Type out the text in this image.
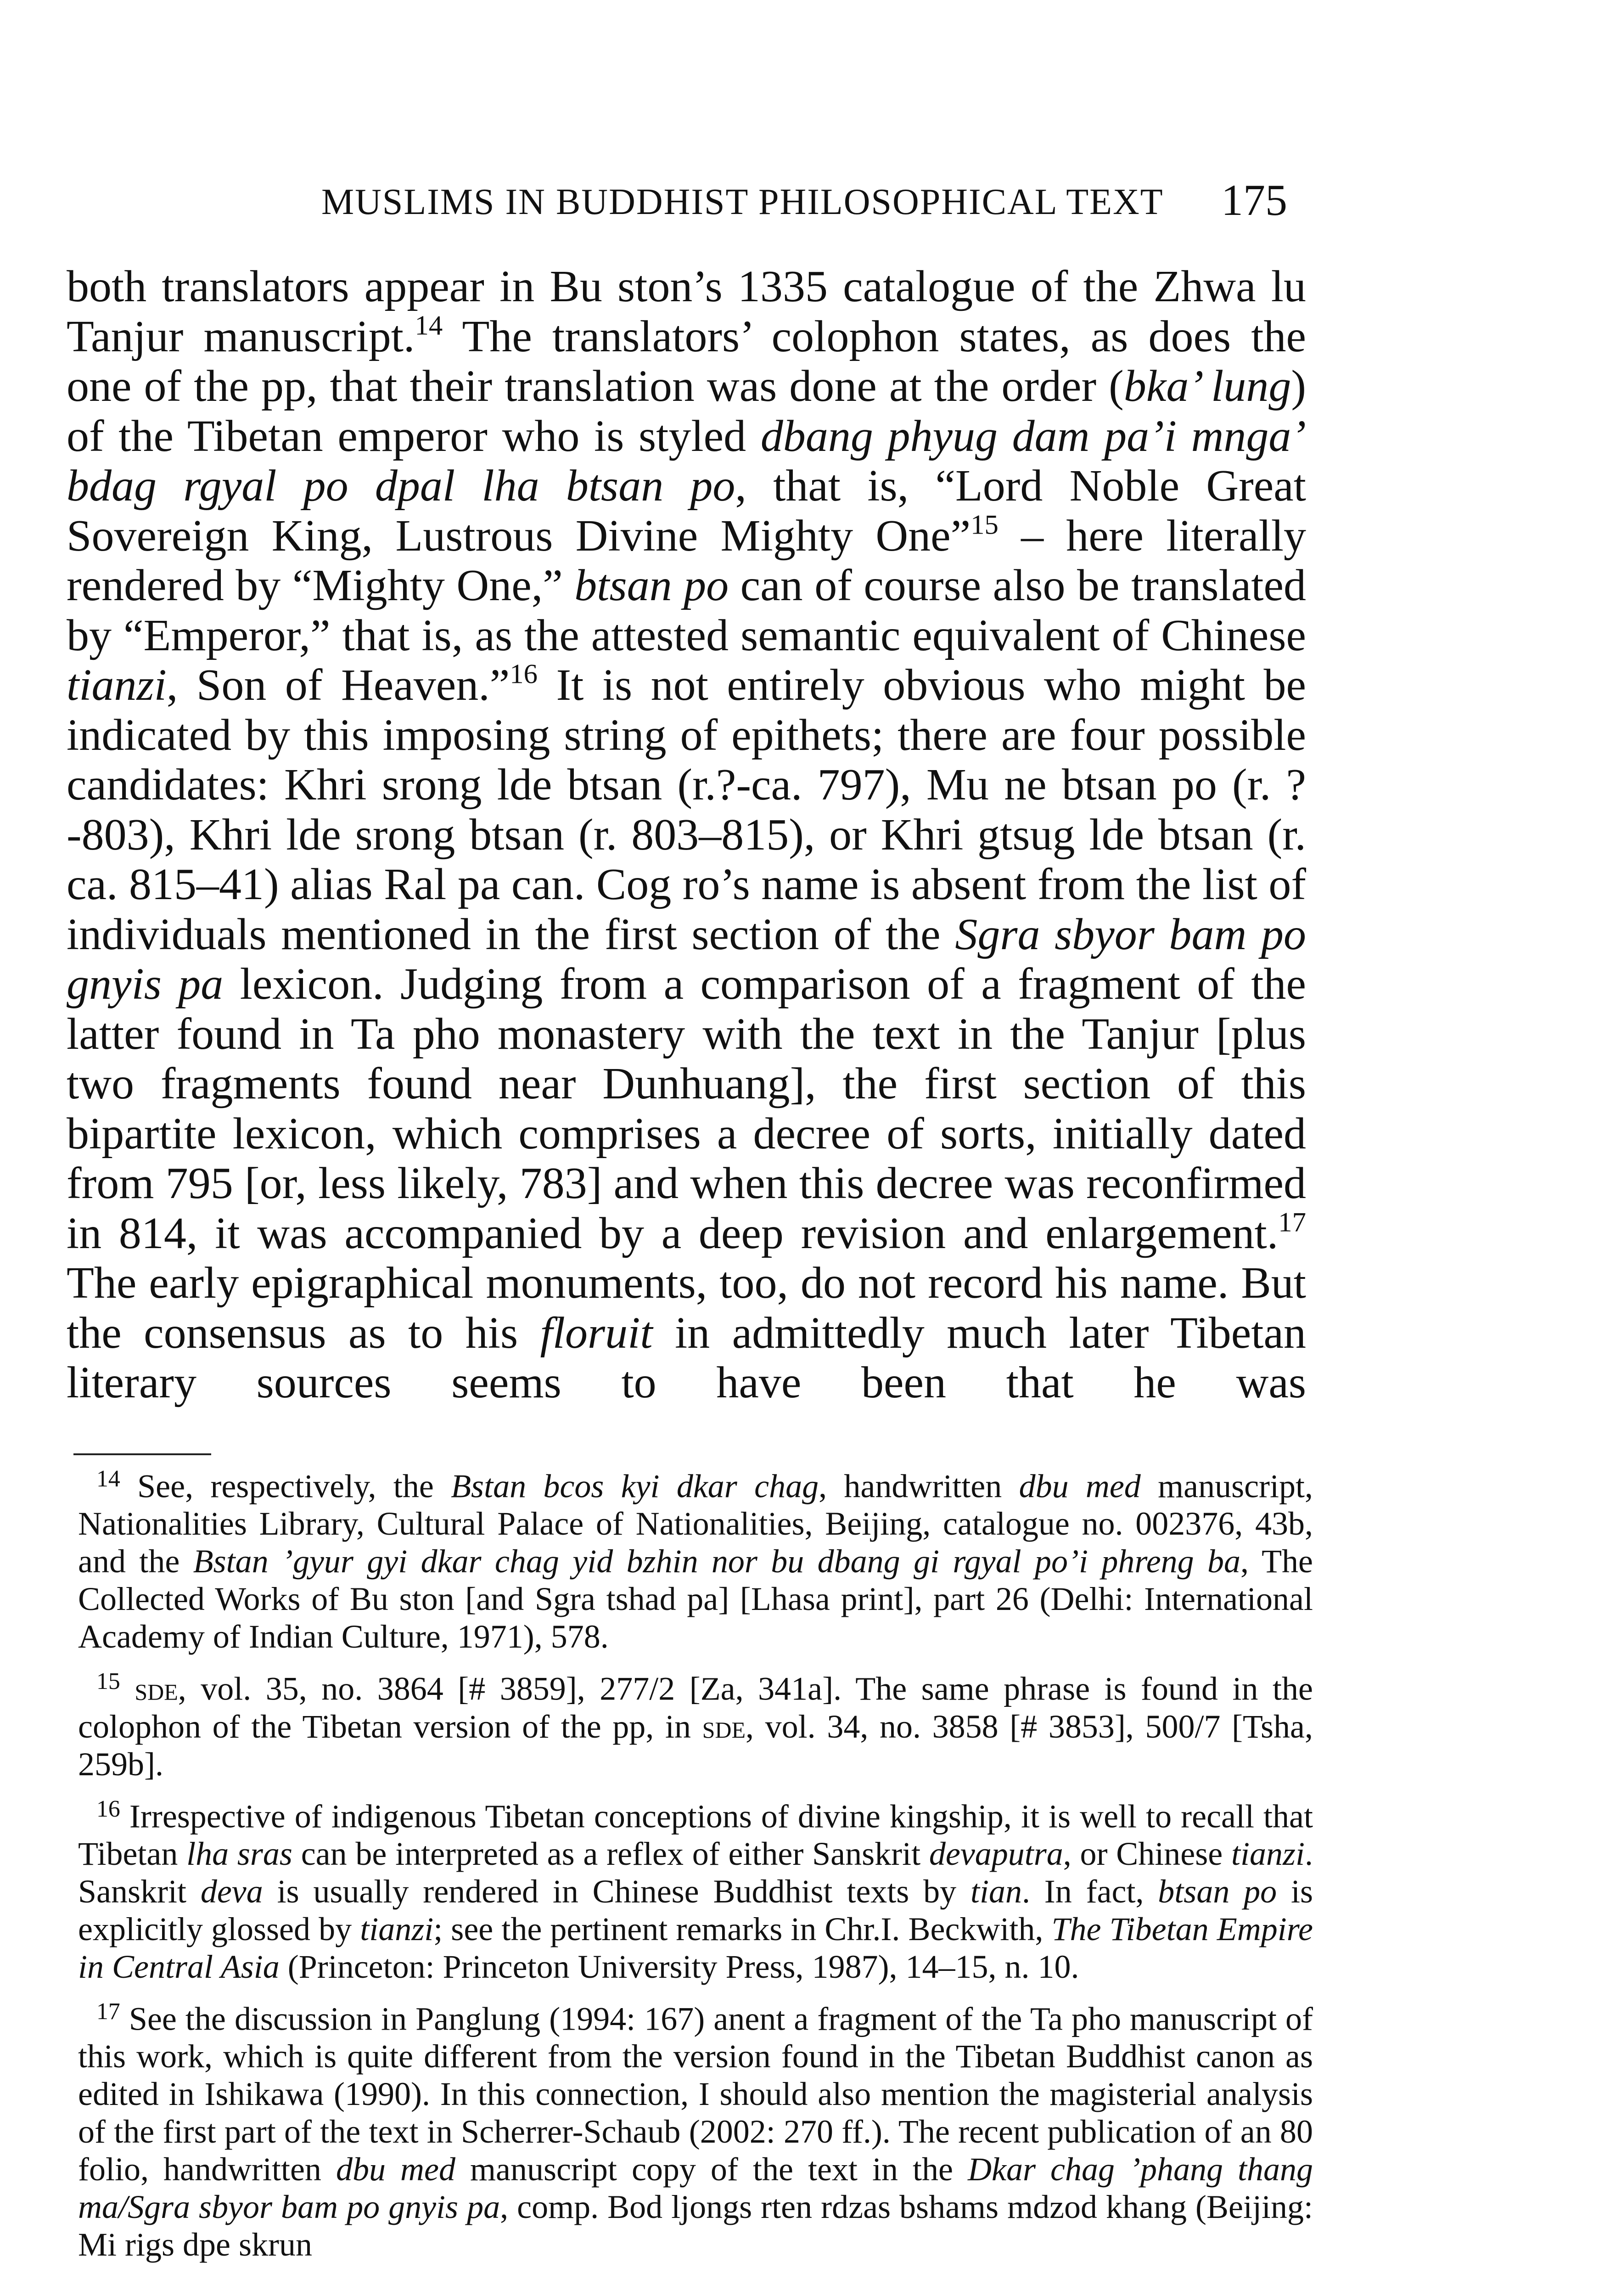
MUSLIMS IN BUDDHIST PHILOSOPHICAL TEXT 175
both translators appear in Bu ston’s 1335 catalogue of the Zhwa lu Tanjur manuscript.$^{14}$ The translators’ colophon states, as does the one of the pp, that their translation was done at the order (bka’ lung) of the Tibetan emperor who is styled dbang phyug dam pa’i mnga’ bdag rgyal po dpal lha btsan po, that is, “Lord Noble Great Sovereign King, Lustrous Divine Mighty One”$^{15}$ – here literally rendered by “Mighty One,” btsan po can of course also be translated by “Emperor,” that is, as the attested semantic equivalent of Chinese tianzi, Son of Heaven.”$^{16}$ It is not entirely obvious who might be indicated by this imposing string of epithets; there are four possible candidates: Khri srong lde btsan (r.?-ca. 797), Mu ne btsan po (r. ?-803), Khri lde srong btsan (r. 803–815), or Khri gtsug lde btsan (r. ca. 815–41) alias Ral pa can. Cog ro’s name is absent from the list of individuals mentioned in the first section of the Sgra sbyor bam po gnyis pa lexicon. Judging from a comparison of a fragment of the latter found in Ta pho monastery with the text in the Tanjur [plus two fragments found near Dunhuang], the first section of this bipartite lexicon, which comprises a decree of sorts, initially dated from 795 [or, less likely, 783] and when this decree was reconfirmed in 814, it was accompanied by a deep revision and enlargement.$^{17}$ The early epigraphical monuments, too, do not record his name. But the consensus as to his floruit in admittedly much later Tibetan literary sources seems to have been that he was

$^{14}$ See, respectively, the Bstan bcos kyi dkar chag, handwritten dbu med manuscript, Nationalities Library, Cultural Palace of Nationalities, Beijing, catalogue no. 002376, 43b, and the Bstan ’gyur gyi dkar chag yid bzhin nor bu dbang gi rgyal po’i phreng ba, The Collected Works of Bu ston [and Sgra tshad pa] [Lhasa print], part 26 (Delhi: International Academy of Indian Culture, 1971), 578.

$^{15}$ sde, vol. 35, no. 3864 [# 3859], 277/2 [Za, 341a]. The same phrase is found in the colophon of the Tibetan version of the pp, in sde, vol. 34, no. 3858 [# 3853], 500/7 [Tsha, 259b].

$^{16}$ Irrespective of indigenous Tibetan conceptions of divine kingship, it is well to recall that Tibetan lha sras can be interpreted as a reflex of either Sanskrit devaputra, or Chinese tianzi. Sanskrit deva is usually rendered in Chinese Buddhist texts by tian. In fact, btsan po is explicitly glossed by tianzi; see the pertinent remarks in Chr.I. Beckwith, The Tibetan Empire in Central Asia (Princeton: Princeton University Press, 1987), 14–15, n. 10.

$^{17}$ See the discussion in Panglung (1994: 167) anent a fragment of the Ta pho manuscript of this work, which is quite different from the version found in the Tibetan Buddhist canon as edited in Ishikawa (1990). In this connection, I should also mention the magisterial analysis of the first part of the text in Scherrer-Schaub (2002: 270 ff.). The recent publication of an 80 folio, handwritten dbu med manuscript copy of the text in the Dkar chag ’phang thang ma/Sgra sbyor bam po gnyis pa, comp. Bod ljongs rten rdzas bshams mdzod khang (Beijing: Mi rigs dpe skrun
